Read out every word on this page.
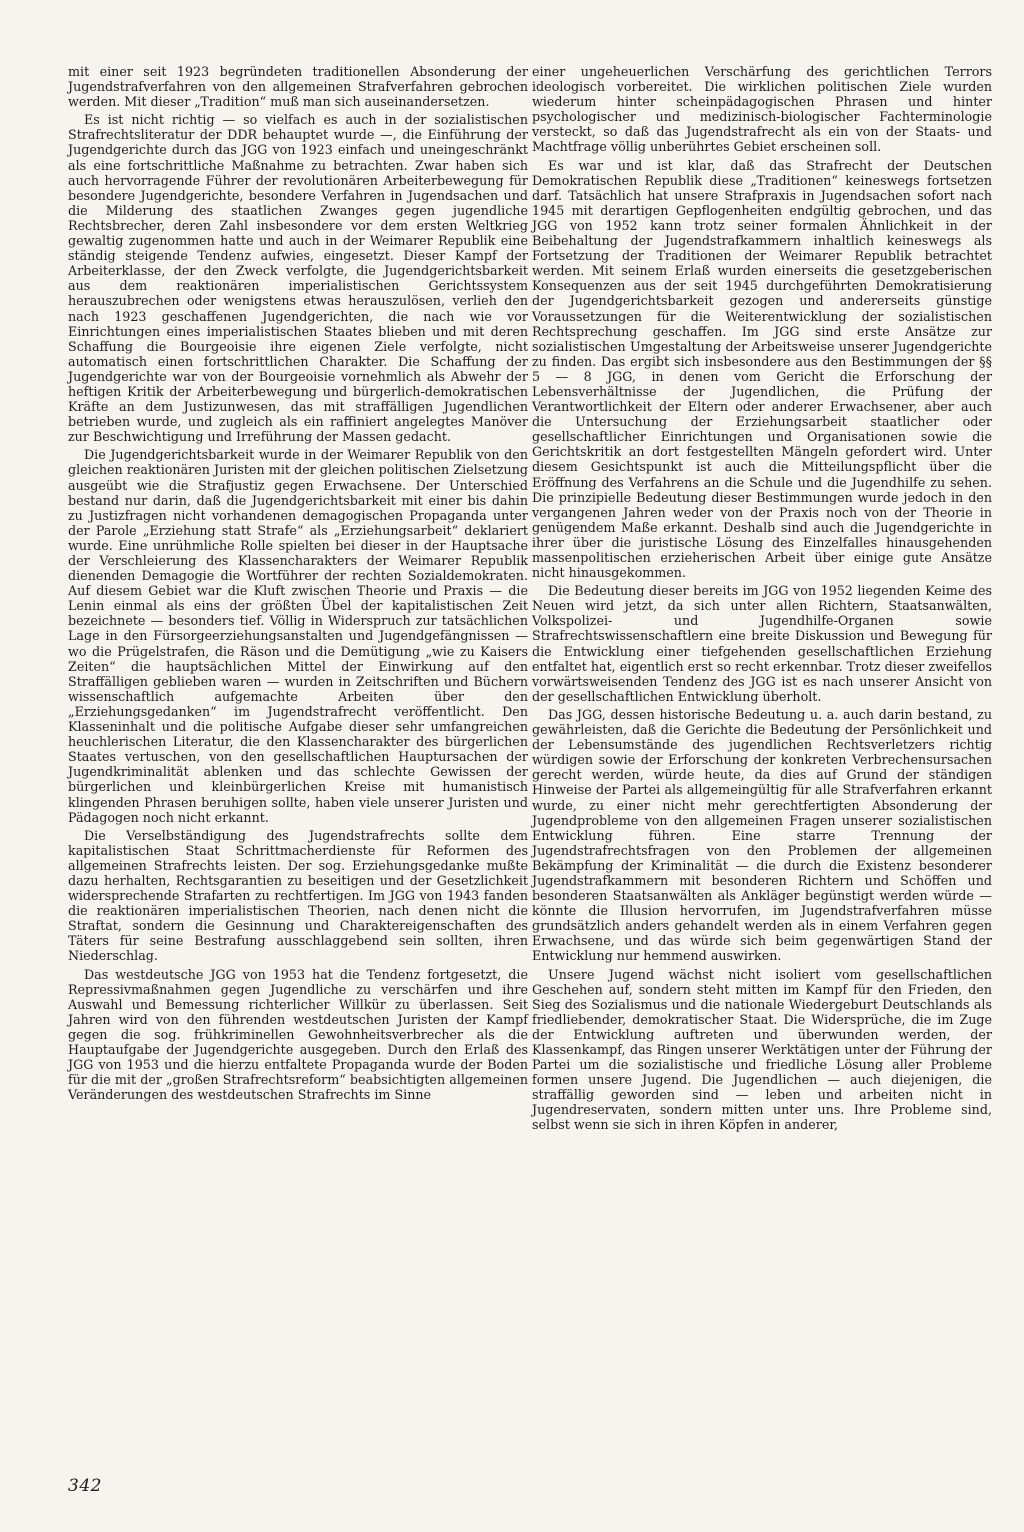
mit einer seit 1923 begründeten traditionellen Absonderung der Jugendstrafverfahren von den allgemeinen Strafverfahren gebrochen werden. Mit dieser „Tradition“ muß man sich auseinandersetzen.

Es ist nicht richtig — so vielfach es auch in der sozialistischen Strafrechtsliteratur der DDR behauptet wurde —, die Einführung der Jugendgerichte durch das JGG von 1923 einfach und uneingeschränkt als eine fortschrittliche Maßnahme zu betrachten. Zwar haben sich auch hervorragende Führer der revolutionären Arbeiterbewegung für besondere Jugendgerichte, besondere Verfahren in Jugendsachen und die Milderung des staatlichen Zwanges gegen jugendliche Rechtsbrecher, deren Zahl insbesondere vor dem ersten Weltkrieg gewaltig zugenommen hatte und auch in der Weimarer Republik eine ständig steigende Tendenz aufwies, eingesetzt. Dieser Kampf der Arbeiterklasse, der den Zweck verfolgte, die Jugendgerichtsbarkeit aus dem reaktionären imperialistischen Gerichtssystem herauszubrechen oder wenigstens etwas herauszulösen, verlieh den nach 1923 geschaffenen Jugendgerichten, die nach wie vor Einrichtungen eines imperialistischen Staates blieben und mit deren Schaffung die Bourgeoisie ihre eigenen Ziele verfolgte, nicht automatisch einen fortschrittlichen Charakter. Die Schaffung der Jugendgerichte war von der Bourgeoisie vornehmlich als Abwehr der heftigen Kritik der Arbeiterbewegung und bürgerlich-demokratischen Kräfte an dem Justizunwesen, das mit straffälligen Jugendlichen betrieben wurde, und zugleich als ein raffiniert angelegtes Manöver zur Beschwichtigung und Irreführung der Massen gedacht.

Die Jugendgerichtsbarkeit wurde in der Weimarer Republik von den gleichen reaktionären Juristen mit der gleichen politischen Zielsetzung ausgeübt wie die Strafjustiz gegen Erwachsene. Der Unterschied bestand nur darin, daß die Jugendgerichtsbarkeit mit einer bis dahin zu Justizfragen nicht vorhandenen demagogischen Propaganda unter der Parole „Erziehung statt Strafe“ als „Erziehungsarbeit“ deklariert wurde. Eine unrühmliche Rolle spielten bei dieser in der Hauptsache der Verschleierung des Klassencharakters der Weimarer Republik dienenden Demagogie die Wortführer der rechten Sozialdemokraten. Auf diesem Gebiet war die Kluft zwischen Theorie und Praxis — die Lenin einmal als eins der größten Übel der kapitalistischen Zeit bezeichnete — besonders tief. Völlig in Widerspruch zur tatsächlichen Lage in den Fürsorgeerziehungsanstalten und Jugendgefängnissen — wo die Prügelstrafen, die Räson und die Demütigung „wie zu Kaisers Zeiten“ die hauptsächlichen Mittel der Einwirkung auf den Straffälligen geblieben waren — wurden in Zeitschriften und Büchern wissenschaftlich aufgemachte Arbeiten über den „Erziehungsgedanken“ im Jugendstrafrecht veröffentlicht. Den Klasseninhalt und die politische Aufgabe dieser sehr umfangreichen heuchlerischen Literatur, die den Klassencharakter des bürgerlichen Staates vertuschen, von den gesellschaftlichen Hauptursachen der Jugendkriminalität ablenken und das schlechte Gewissen der bürgerlichen und kleinbürgerlichen Kreise mit humanistisch klingenden Phrasen beruhigen sollte, haben viele unserer Juristen und Pädagogen noch nicht erkannt.

Die Verselbständigung des Jugendstrafrechts sollte dem kapitalistischen Staat Schrittmacherdienste für Reformen des allgemeinen Strafrechts leisten. Der sog. Erziehungsgedanke mußte dazu herhalten, Rechtsgarantien zu beseitigen und der Gesetzlichkeit widersprechende Strafarten zu rechtfertigen. Im JGG von 1943 fanden die reaktionären imperialistischen Theorien, nach denen nicht die Straftat, sondern die Gesinnung und Charaktereigenschaften des Täters für seine Bestrafung ausschlaggebend sein sollten, ihren Niederschlag.

Das westdeutsche JGG von 1953 hat die Tendenz fortgesetzt, die Repressivmaßnahmen gegen Jugendliche zu verschärfen und ihre Auswahl und Bemessung richterlicher Willkür zu überlassen. Seit Jahren wird von den führenden westdeutschen Juristen der Kampf gegen die sog. frühkriminellen Gewohnheitsverbrecher als die Hauptaufgabe der Jugendgerichte ausgegeben. Durch den Erlaß des JGG von 1953 und die hierzu entfaltete Propaganda wurde der Boden für die mit der „großen Strafrechtsreform“ beabsichtigten allgemeinen Veränderungen des westdeutschen Strafrechts im Sinne

einer ungeheuerlichen Verschärfung des gerichtlichen Terrors ideologisch vorbereitet. Die wirklichen politischen Ziele wurden wiederum hinter scheinpädagogischen Phrasen und hinter psychologischer und medizinisch-biologischer Fachterminologie versteckt, so daß das Jugendstrafrecht als ein von der Staats- und Machtfrage völlig unberührtes Gebiet erscheinen soll.

Es war und ist klar, daß das Strafrecht der Deutschen Demokratischen Republik diese „Traditionen“ keineswegs fortsetzen darf. Tatsächlich hat unsere Strafpraxis in Jugendsachen sofort nach 1945 mit derartigen Gepflogenheiten endgültig gebrochen, und das JGG von 1952 kann trotz seiner formalen Ähnlichkeit in der Beibehaltung der Jugendstrafkammern inhaltlich keineswegs als Fortsetzung der Traditionen der Weimarer Republik betrachtet werden. Mit seinem Erlaß wurden einerseits die gesetzgeberischen Konsequenzen aus der seit 1945 durchgeführten Demokratisierung der Jugendgerichtsbarkeit gezogen und andererseits günstige Voraussetzungen für die Weiterentwicklung der sozialistischen Rechtsprechung geschaffen. Im JGG sind erste Ansätze zur sozialistischen Umgestaltung der Arbeitsweise unserer Jugendgerichte zu finden. Das ergibt sich insbesondere aus den Bestimmungen der §§ 5 — 8 JGG, in denen vom Gericht die Erforschung der Lebensverhältnisse der Jugendlichen, die Prüfung der Verantwortlichkeit der Eltern oder anderer Erwachsener, aber auch die Untersuchung der Erziehungsarbeit staatlicher oder gesellschaftlicher Einrichtungen und Organisationen sowie die Gerichtskritik an dort festgestellten Mängeln gefordert wird. Unter diesem Gesichtspunkt ist auch die Mitteilungspflicht über die Eröffnung des Verfahrens an die Schule und die Jugendhilfe zu sehen. Die prinzipielle Bedeutung dieser Bestimmungen wurde jedoch in den vergangenen Jahren weder von der Praxis noch von der Theorie in genügendem Maße erkannt. Deshalb sind auch die Jugendgerichte in ihrer über die juristische Lösung des Einzelfalles hinausgehenden massenpolitischen erzieherischen Arbeit über einige gute Ansätze nicht hinausgekommen.

Die Bedeutung dieser bereits im JGG von 1952 liegenden Keime des Neuen wird jetzt, da sich unter allen Richtern, Staatsanwälten, Volkspolizei- und Jugendhilfe-Organen sowie Strafrechtswissenschaftlern eine breite Diskussion und Bewegung für die Entwicklung einer tiefgehenden gesellschaftlichen Erziehung entfaltet hat, eigentlich erst so recht erkennbar. Trotz dieser zweifellos vorwärtsweisenden Tendenz des JGG ist es nach unserer Ansicht von der gesellschaftlichen Entwicklung überholt.

Das JGG, dessen historische Bedeutung u. a. auch darin bestand, zu gewährleisten, daß die Gerichte die Bedeutung der Persönlichkeit und der Lebensumstände des jugendlichen Rechtsverletzers richtig würdigen sowie der Erforschung der konkreten Verbrechensursachen gerecht werden, würde heute, da dies auf Grund der ständigen Hinweise der Partei als allgemeingültig für alle Strafverfahren erkannt wurde, zu einer nicht mehr gerechtfertigten Absonderung der Jugendprobleme von den allgemeinen Fragen unserer sozialistischen Entwicklung führen. Eine starre Trennung der Jugendstrafrechtsfragen von den Problemen der allgemeinen Bekämpfung der Kriminalität — die durch die Existenz besonderer Jugendstrafkammern mit besonderen Richtern und Schöffen und besonderen Staatsanwälten als Ankläger begünstigt werden würde — könnte die Illusion hervorrufen, im Jugendstrafverfahren müsse grundsätzlich anders gehandelt werden als in einem Verfahren gegen Erwachsene, und das würde sich beim gegenwärtigen Stand der Entwicklung nur hemmend auswirken.

Unsere Jugend wächst nicht isoliert vom gesellschaftlichen Geschehen auf, sondern steht mitten im Kampf für den Frieden, den Sieg des Sozialismus und die nationale Wiedergeburt Deutschlands als friedliebender, demokratischer Staat. Die Widersprüche, die im Zuge der Entwicklung auftreten und überwunden werden, der Klassenkampf, das Ringen unserer Werktätigen unter der Führung der Partei um die sozialistische und friedliche Lösung aller Probleme formen unsere Jugend. Die Jugendlichen — auch diejenigen, die straffällig geworden sind — leben und arbeiten nicht in Jugendreservaten, sondern mitten unter uns. Ihre Probleme sind, selbst wenn sie sich in ihren Köpfen in anderer,

342
